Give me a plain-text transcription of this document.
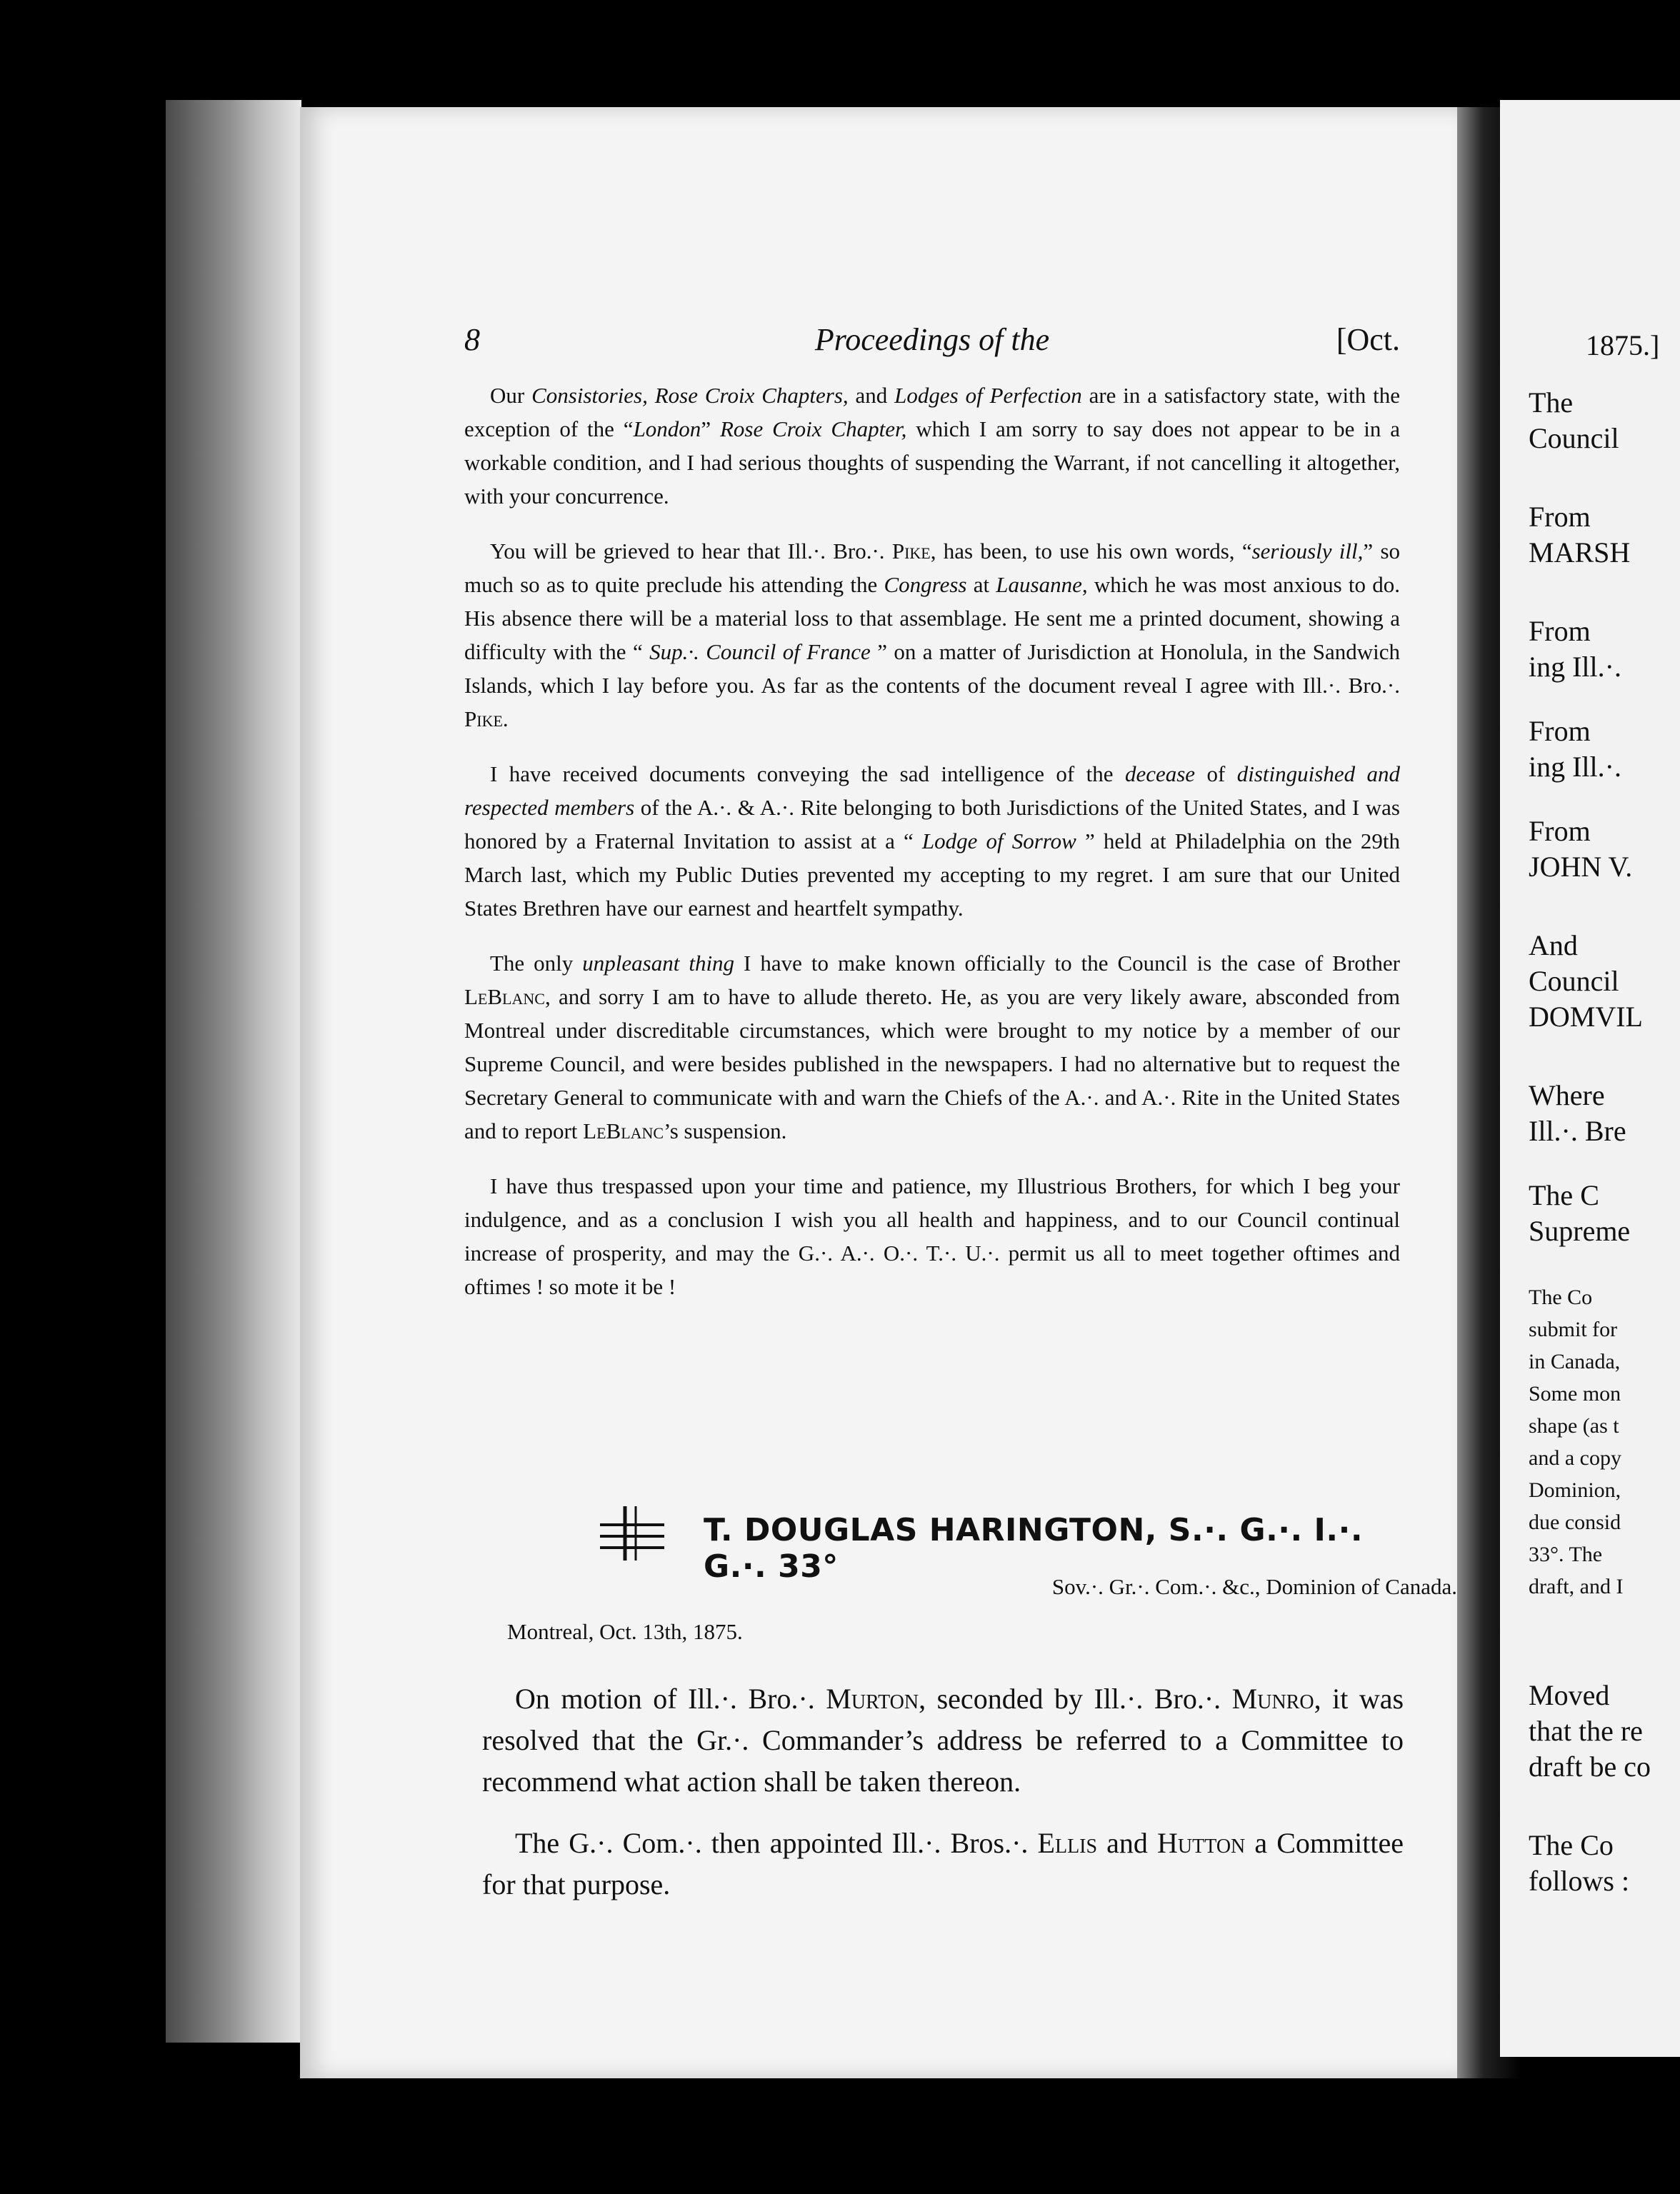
8	Proceedings of the	[Oct.

Our Consistories, Rose Croix Chapters, and Lodges of Perfection are in a satisfactory state, with the exception of the “London” Rose Croix Chapter, which I am sorry to say does not appear to be in a workable condition, and I had serious thoughts of suspending the Warrant, if not cancelling it altogether, with your concurrence.

You will be grieved to hear that Ill.·. Bro.·. Pike, has been, to use his own words, “seriously ill,” so much so as to quite preclude his attending the Congress at Lausanne, which he was most anxious to do. His absence there will be a material loss to that assemblage. He sent me a printed document, showing a difficulty with the “ Sup.·. Council of France ” on a matter of Jurisdiction at Honolula, in the Sandwich Islands, which I lay before you. As far as the contents of the document reveal I agree with Ill.·. Bro.·. Pike.

I have received documents conveying the sad intelligence of the decease of distinguished and respected members of the A.·. & A.·. Rite belonging to both Jurisdictions of the United States, and I was honored by a Fraternal Invitation to assist at a “ Lodge of Sorrow ” held at Philadelphia on the 29th March last, which my Public Duties prevented my accepting to my regret. I am sure that our United States Brethren have our earnest and heartfelt sympathy.

The only unpleasant thing I have to make known officially to the Council is the case of Brother LeBlanc, and sorry I am to have to allude thereto. He, as you are very likely aware, absconded from Montreal under discreditable circumstances, which were brought to my notice by a member of our Supreme Council, and were besides published in the newspapers. I had no alternative but to request the Secretary General to communicate with and warn the Chiefs of the A.·. and A.·. Rite in the United States and to report LeBlanc’s suspension.

I have thus trespassed upon your time and patience, my Illustrious Brothers, for which I beg your indulgence, and as a conclusion I wish you all health and happiness, and to our Council continual increase of prosperity, and may the G.·. A.·. O.·. T.·. U.·. permit us all to meet together oftimes and oftimes ! so mote it be !

T. DOUGLAS HARINGTON, S.·. G.·. I.·. G.·. 33°
Sov.·. Gr.·. Com.·. &c., Dominion of Canada.
Montreal, Oct. 13th, 1875.

On motion of Ill.·. Bro.·. Murton, seconded by Ill.·. Bro.·. Munro, it was resolved that the Gr.·. Commander’s address be referred to a Committee to recommend what action shall be taken thereon.

The G.·. Com.·. then appointed Ill.·. Bros.·. Ellis and Hutton a Committee for that purpose.

1875.]
The
Council
From
MARSH
From
ing Ill.·.
From
ing Ill.·.
From
JOHN V.
And
Council
DOMVIL
Where
Ill.·. Bre
The C
Supreme
The Co
submit for
in Canada,
Some mon
shape (as t
and a copy
Dominion,
due consid
33°. The
draft, and I
Moved
that the re
draft be co
The Co
follows :
